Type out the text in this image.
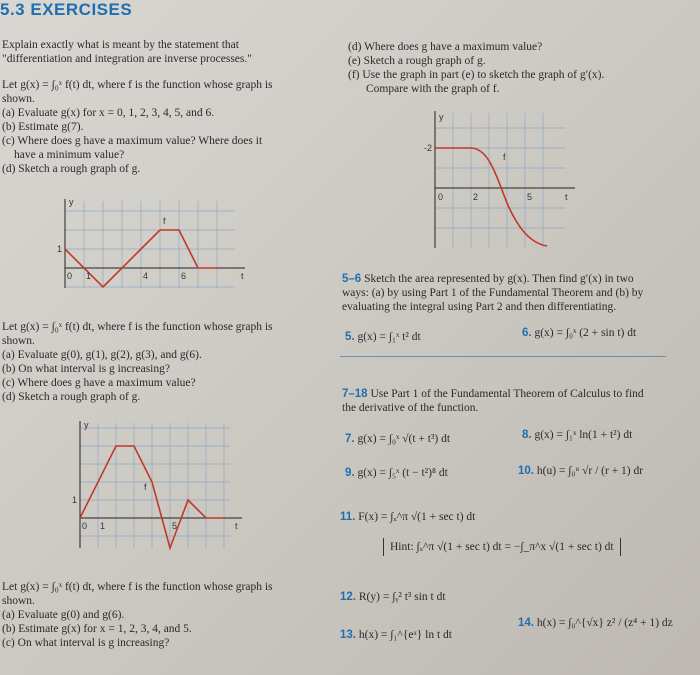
5.3 EXERCISES
Explain exactly what is meant by the statement that
"differentiation and integration are inverse processes."
Let g(x) = ∫₀ˣ f(t) dt, where f is the function whose graph is
shown.
(a) Evaluate g(x) for x = 0, 1, 2, 3, 4, 5, and 6.
(b) Estimate g(7).
(c) Where does g have a maximum value? Where does it
have a minimum value?
(d) Sketch a rough graph of g.
y
f
1
0 1	4	6	t
Let g(x) = ∫₀ˣ f(t) dt, where f is the function whose graph is
shown.
(a) Evaluate g(0), g(1), g(2), g(3), and g(6).
(b) On what interval is g increasing?
(c) Where does g have a maximum value?
(d) Sketch a rough graph of g.
y
f
1
0 1	5	t
Let g(x) = ∫₀ˣ f(t) dt, where f is the function whose graph is
shown.
(a) Evaluate g(0) and g(6).
(b) Estimate g(x) for x = 1, 2, 3, 4, and 5.
(c) On what interval is g increasing?
(d) Where does g have a maximum value?
(e) Sketch a rough graph of g.
(f) Use the graph in part (e) to sketch the graph of g′(x).
Compare with the graph of f.
y
f
-2
0	2	5	t
5–6 Sketch the area represented by g(x). Then find g′(x) in two
ways: (a) by using Part 1 of the Fundamental Theorem and (b) by
evaluating the integral using Part 2 and then differentiating.
5. g(x) = ∫₁ˣ t² dt	6. g(x) = ∫₀ˣ (2 + sin t) dt
7–18 Use Part 1 of the Fundamental Theorem of Calculus to find
the derivative of the function.
7. g(x) = ∫₀ˣ √(t + t³) dt	8. g(x) = ∫₁ˣ ln(1 + t²) dt
9. g(x) = ∫₅ˣ (t − t²)⁸ dt	10. h(u) = ∫₀ᵘ √r / (r + 1) dr
11. F(x) = ∫ₓ^π √(1 + sec t) dt
Hint: ∫ₓ^π √(1 + sec t) dt = −∫_π^x √(1 + sec t) dt
12. R(y) = ∫ᵧ² t³ sin t dt
13. h(x) = ∫₁^{eˣ} ln t dt
14. h(x) = ∫₀^{√x} z² / (z⁴ + 1) dz
